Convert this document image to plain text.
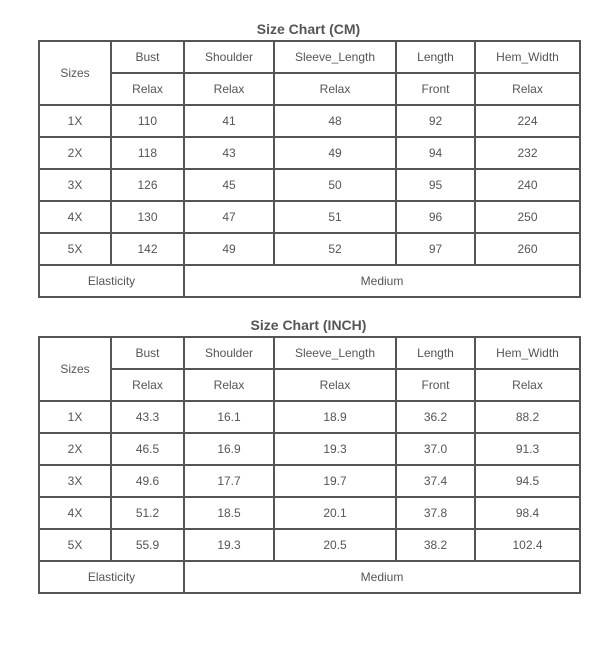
Size Chart (CM)
Sizes	Bust	Shoulder	Sleeve_Length	Length	Hem_Width
	Relax	Relax	Relax	Front	Relax
1X	110	41	48	92	224
2X	118	43	49	94	232
3X	126	45	50	95	240
4X	130	47	51	96	250
5X	142	49	52	97	260
Elasticity		Medium			
Size Chart (INCH)
Sizes	Bust	Shoulder	Sleeve_Length	Length	Hem_Width
	Relax	Relax	Relax	Front	Relax
1X	43.3	16.1	18.9	36.2	88.2
2X	46.5	16.9	19.3	37.0	91.3
3X	49.6	17.7	19.7	37.4	94.5
4X	51.2	18.5	20.1	37.8	98.4
5X	55.9	19.3	20.5	38.2	102.4
Elasticity		Medium			
